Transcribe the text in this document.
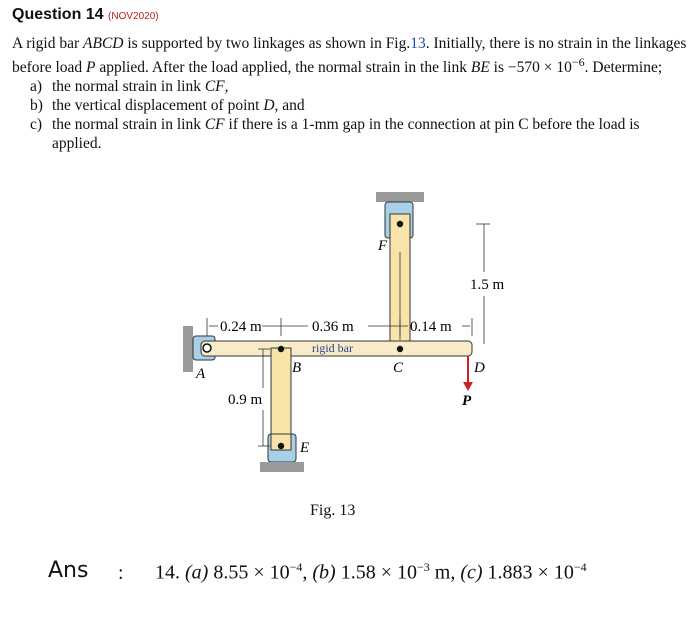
Question 14 (NOV2020)

A rigid bar ABCD is supported by two linkages as shown in Fig.13. Initially, there is no strain in the linkages before load P applied. After the load applied, the normal strain in the link BE is $-570 \times 10^{-6}$. Determine;

a) the normal strain in link CF,
b) the vertical displacement of point D, and
c) the normal strain in link CF if there is a 1-mm gap in the connection at pin C before the load is applied.
F
A	B	C	D
E
P
1.5 m
0.24 m	0.36 m	0.14 m
0.9 m
rigid bar
Fig. 13
Ans : 14. (a) $8.55 \times 10^{-4}$, (b) $1.58 \times 10^{-3}$ m, (c) $1.883 \times 10^{-4}$
